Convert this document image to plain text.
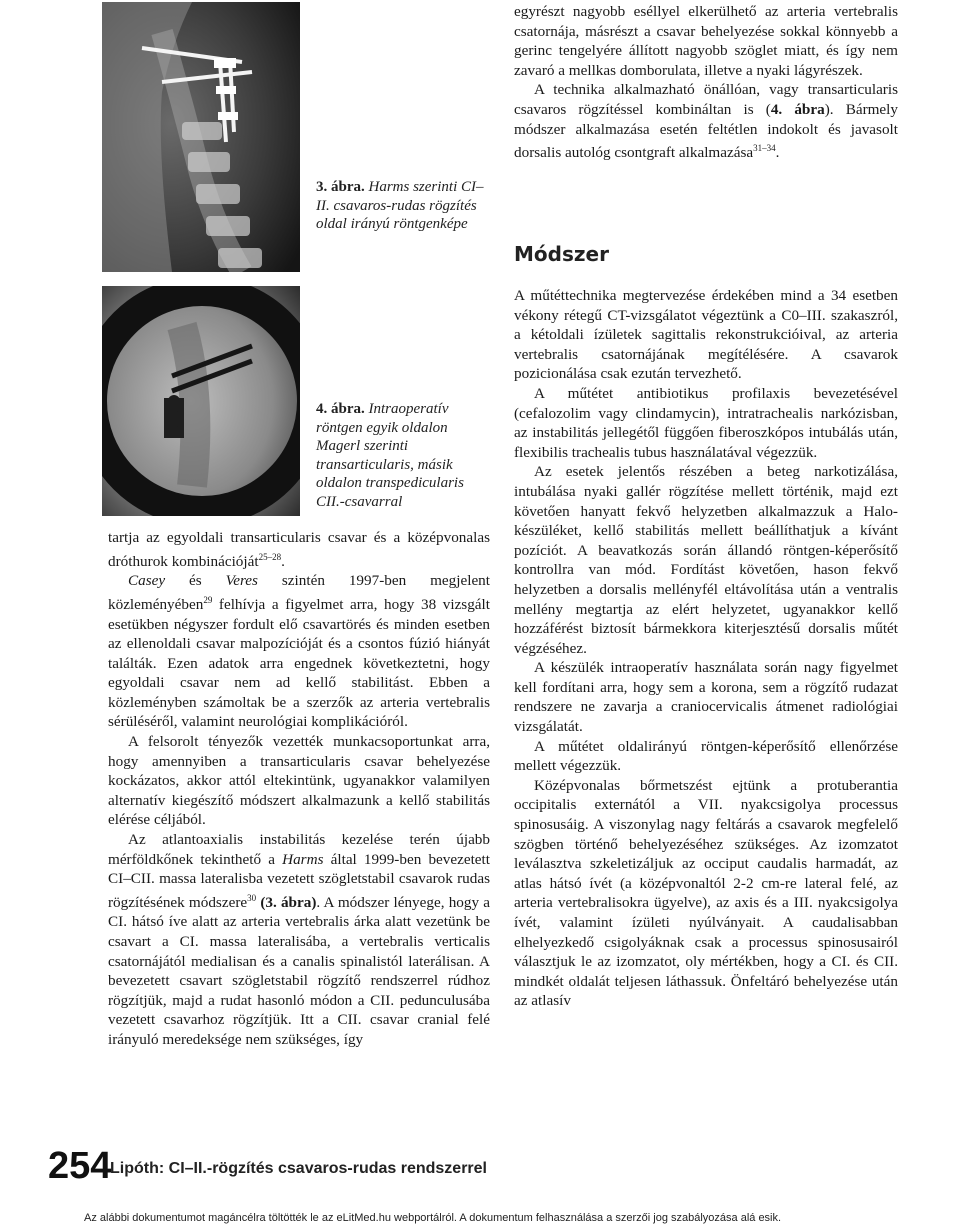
3. ábra. Harms szerinti CI–II. csavaros-rudas rögzítés oldal irányú röntgenképe
4. ábra. Intraoperatív röntgen egyik oldalon Magerl szerinti transarticularis, másik oldalon transpedicularis CII.-csavarral

tartja az egyoldali transarticularis csavar és a középvonalas dróthurok kombinációját$^{25-28}$.

Casey és Veres szintén 1997-ben megjelent közleményében$^{29}$ felhívja a figyelmet arra, hogy 38 vizsgált esetükben négyszer fordult elő csavartörés és minden esetben az ellenoldali csavar malpozícióját és a csontos fúzió hiányát találták. Ezen adatok arra engednek következtetni, hogy egyoldali csavar nem ad kellő stabilitást. Ebben a közleményben számoltak be a szerzők az arteria vertebralis sérüléséről, valamint neurológiai komplikációról.

A felsorolt tényezők vezették munkacsoportunkat arra, hogy amennyiben a transarticularis csavar behelyezése kockázatos, akkor attól eltekintünk, ugyanakkor valamilyen alternatív kiegészítő módszert alkalmazunk a kellő stabilitás elérése céljából.

Az atlantoaxialis instabilitás kezelése terén újabb mérföldkőnek tekinthető a Harms által 1999-ben bevezetett CI–CII. massa lateralisba vezetett szögletstabil csavarok rudas rögzítésének módszere$^{30}$ (3. ábra). A módszer lényege, hogy a CI. hátsó íve alatt az arteria vertebralis árka alatt vezetünk be csavart a CI. massa lateralisába, a vertebralis verticalis csatornájától medialisan és a canalis spinalistól laterálisan. A bevezetett csavart szögletstabil rögzítő rendszerrel rúdhoz rögzítjük, majd a rudat hasonló módon a CII. pedunculusába vezetett csavarhoz rögzítjük. Itt a CII. csavar cranial felé irányuló meredeksége nem szükséges, így

egyrészt nagyobb eséllyel elkerülhető az arteria vertebralis csatornája, másrészt a csavar behelyezése sokkal könnyebb a gerinc tengelyére állított nagyobb szöglet miatt, és így nem zavaró a mellkas domborulata, illetve a nyaki lágyrészek.

A technika alkalmazható önállóan, vagy transarticularis csavaros rögzítéssel kombináltan is (4. ábra). Bármely módszer alkalmazása esetén feltétlen indokolt és javasolt dorsalis autológ csontgraft alkalmazása$^{31-34}$.

Módszer

A műtéttechnika megtervezése érdekében mind a 34 esetben vékony rétegű CT-vizsgálatot végeztünk a C0–III. szakaszról, a kétoldali ízületek sagittalis rekonstrukcióival, az arteria vertebralis csatornájának megítélésére. A csavarok pozicionálása csak ezután tervezhető.

A műtétet antibiotikus profilaxis bevezetésével (cefalozolim vagy clindamycin), intratrachealis narkózisban, az instabilitás jellegétől függően fiberoszkópos intubálás után, flexibilis trachealis tubus használatával végezzük.

Az esetek jelentős részében a beteg narkotizálása, intubálása nyaki gallér rögzítése mellett történik, majd ezt követően hanyatt fekvő helyzetben alkalmazzuk a Halo-készüléket, kellő stabilitás mellett beállíthatjuk a kívánt pozíciót. A beavatkozás során állandó röntgen-képerősítő kontrollra van mód. Fordítást követően, hason fekvő helyzetben a dorsalis mellényfél eltávolítása után a ventralis mellény megtartja az elért helyzetet, ugyanakkor kellő hozzáférést biztosít bármekkora kiterjesztésű dorsalis műtét végzéséhez.

A készülék intraoperatív használata során nagy figyelmet kell fordítani arra, hogy sem a korona, sem a rögzítő rudazat rendszere ne zavarja a craniocervicalis átmenet radiológiai vizsgálatát.

A műtétet oldalirányú röntgen-képerősítő ellenőrzése mellett végezzük.

Középvonalas bőrmetszést ejtünk a protuberantia occipitalis externától a VII. nyakcsigolya processus spinosusáig. A viszonylag nagy feltárás a csavarok megfelelő szögben történő behelyezéséhez szükséges. Az izomzatot leválasztva szkeletizáljuk az occiput caudalis harmadát, az atlas hátsó ívét (a középvonaltól 2-2 cm-re lateral felé, az arteria vertebralisokra ügyelve), az axis és a III. nyakcsigolya ívét, valamint ízületi nyúlványait. A caudalisabban elhelyezkedő csigolyáknak csak a processus spinosusairól választjuk le az izomzatot, oly mértékben, hogy a CI. és CII. mindkét oldalát teljesen láthassuk. Önfeltáró behelyezése után az atlasív

254
Lipóth: CI–II.-rögzítés csavaros-rudas rendszerrel
Az alábbi dokumentumot magáncélra töltötték le az eLitMed.hu webportálról. A dokumentum felhasználása a szerzői jog szabályozása alá esik.
